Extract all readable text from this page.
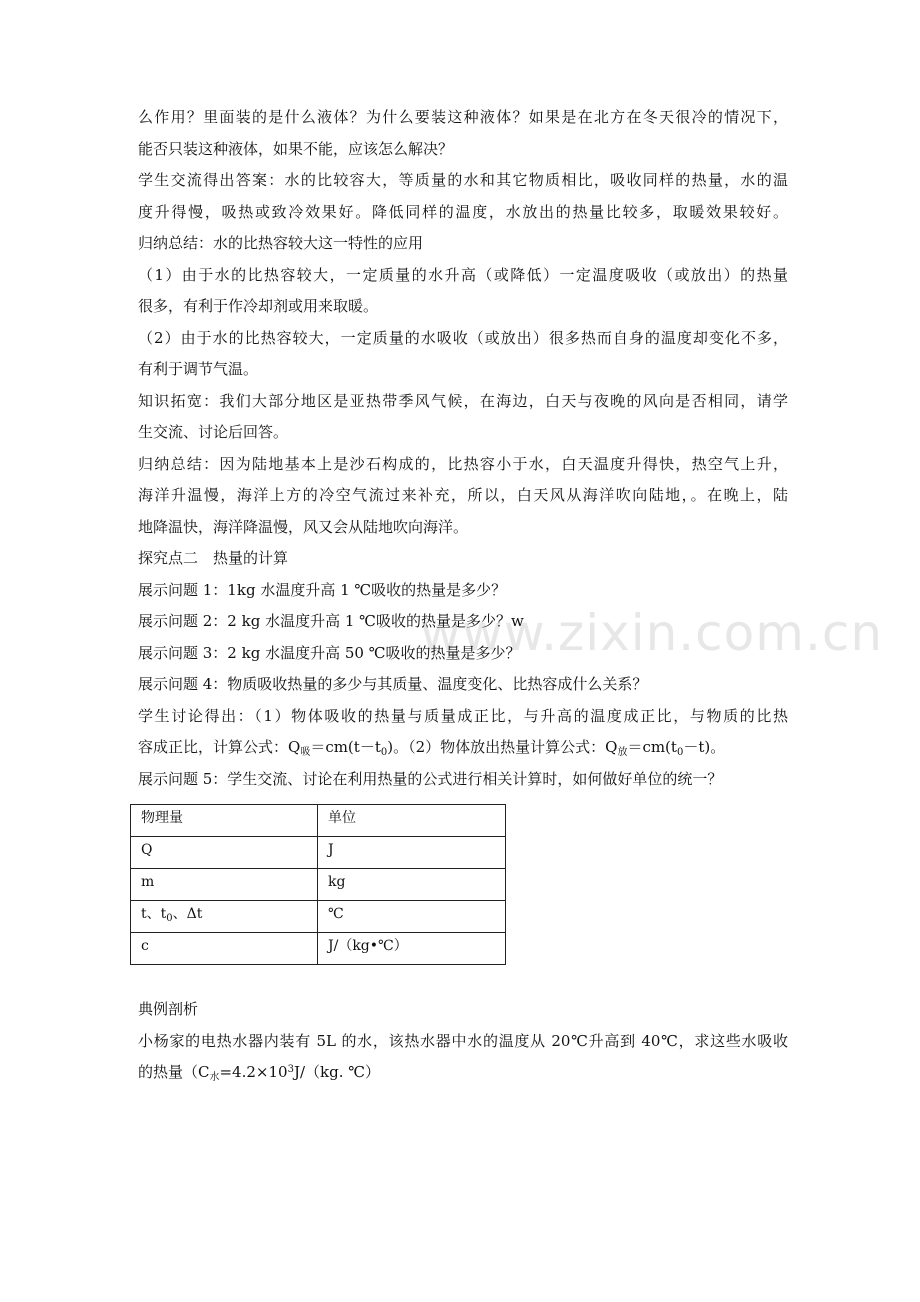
www.zixin.com.cn
么作用？里面装的是什么液体？为什么要装这种液体？如果是在北方在冬天很冷的情况下，
能否只装这种液体，如果不能，应该怎么解决？
学生交流得出答案：水的比较容大，等质量的水和其它物质相比，吸收同样的热量，水的温
度升得慢，吸热或致冷效果好。降低同样的温度，水放出的热量比较多，取暖效果较好。
归纳总结：水的比热容较大这一特性的应用
（1）由于水的比热容较大，一定质量的水升高（或降低）一定温度吸收（或放出）的热量
很多，有利于作冷却剂或用来取暖。
（2）由于水的比热容较大，一定质量的水吸收（或放出）很多热而自身的温度却变化不多，
有利于调节气温。
知识拓宽：我们大部分地区是亚热带季风气候，在海边，白天与夜晚的风向是否相同，请学
生交流、讨论后回答。
归纳总结：因为陆地基本上是沙石构成的，比热容小于水，白天温度升得快，热空气上升，
海洋升温慢，海洋上方的冷空气流过来补充，所以，白天风从海洋吹向陆地，。在晚上，陆
地降温快，海洋降温慢，风又会从陆地吹向海洋。
探究点二　热量的计算
展示问题 1：1kg 水温度升高 1 ℃吸收的热量是多少？
展示问题 2：2 kg 水温度升高 1 ℃吸收的热量是多少？w
展示问题 3：2 kg 水温度升高 50 ℃吸收的热量是多少？
展示问题 4：物质吸收热量的多少与其质量、温度变化、比热容成什么关系？
学生讨论得出：（1）物体吸收的热量与质量成正比，与升高的温度成正比，与物质的比热
容成正比，计算公式：$Q_吸=cm(t-t_0)$。（2）物体放出热量计算公式：$Q_放=cm(t_0-t)$。
展示问题 5：学生交流、讨论在利用热量的公式进行相关计算时，如何做好单位的统一？
物理量	单位
Q	J
m	kg
t、$t_0$、Δt	℃
c	J/（kg•℃）
典例剖析
小杨家的电热水器内装有 5L 的水，该热水器中水的温度从 20℃升高到 40℃，求这些水吸收
的热量（$C_水=4.2\times 10^3J/(kg$. ℃）
